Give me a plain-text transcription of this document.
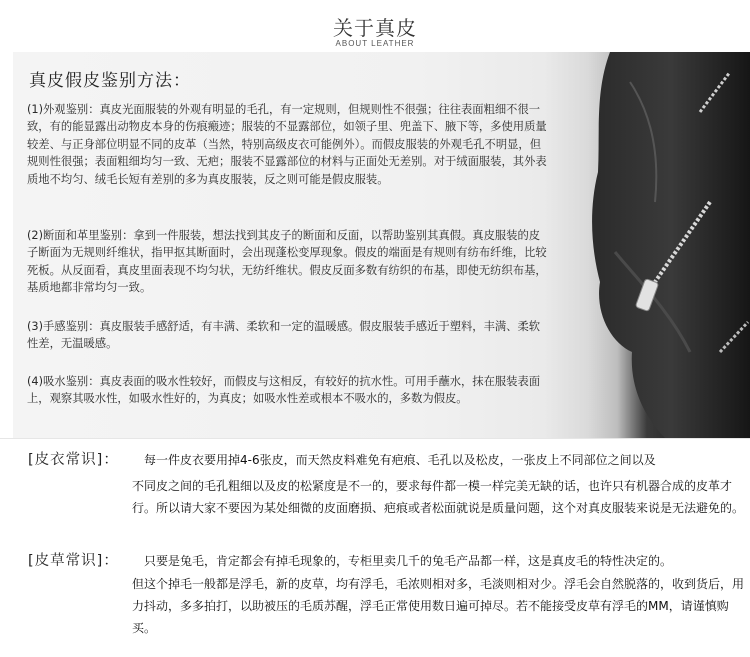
关于真皮
ABOUT LEATHER
真皮假皮鉴别方法：
(1)外观鉴别：真皮光面服装的外观有明显的毛孔，有一定规则，但规则性不很强；往往表面粗细不很一致，有的能显露出动物皮本身的伤痕瘢迹；服装的不显露部位，如领子里、兜盖下、腋下等，多使用质量较差、与正身部位明显不同的皮革（当然，特别高级皮衣可能例外）。而假皮服装的外观毛孔不明显，但规则性很强；表面粗细均匀一致、无疤；服装不显露部位的材料与正面处无差别。对于绒面服装，其外表质地不均匀、绒毛长短有差别的多为真皮服装，反之则可能是假皮服装。
(2)断面和革里鉴别：拿到一件服装，想法找到其皮子的断面和反面，以帮助鉴别其真假。真皮服装的皮子断面为无规则纤维状，指甲抠其断面时，会出现蓬松变厚现象。假皮的端面是有规则有纺布纤维，比较死板。从反面看，真皮里面表现不均匀状，无纺纤维状。假皮反面多数有纺织的布基，即使无纺织布基，基质地都非常均匀一致。
(3)手感鉴别：真皮服装手感舒适，有丰满、柔软和一定的温暖感。假皮服装手感近于塑料，丰满、柔软性差，无温暖感。
(4)吸水鉴别：真皮表面的吸水性较好，而假皮与这相反，有较好的抗水性。可用手蘸水，抹在服装表面上，观察其吸水性，如吸水性好的，为真皮；如吸水性差或根本不吸水的，多数为假皮。
[皮衣常识]： 每一件皮衣要用掉4-6张皮，而天然皮料难免有疤痕、毛孔以及松皮，一张皮上不同部位之间以及
不同皮之间的毛孔粗细以及皮的松紧度是不一的，要求每件都一模一样完美无缺的话，也许只有机器合成的皮革才行。所以请大家不要因为某处细微的皮面磨损、疤痕或者松面就说是质量问题，这个对真皮服装来说是无法避免的。
[皮草常识]： 只要是兔毛，肯定都会有掉毛现象的，专柜里卖几千的兔毛产品都一样，这是真皮毛的特性决定的。
但这个掉毛一般都是浮毛，新的皮草，均有浮毛，毛浓则相对多，毛淡则相对少。浮毛会自然脱落的，收到货后，用力抖动，多多拍打，以助被压的毛质苏醒，浮毛正常使用数日遍可掉尽。若不能接受皮草有浮毛的MM，请谨慎购买。
